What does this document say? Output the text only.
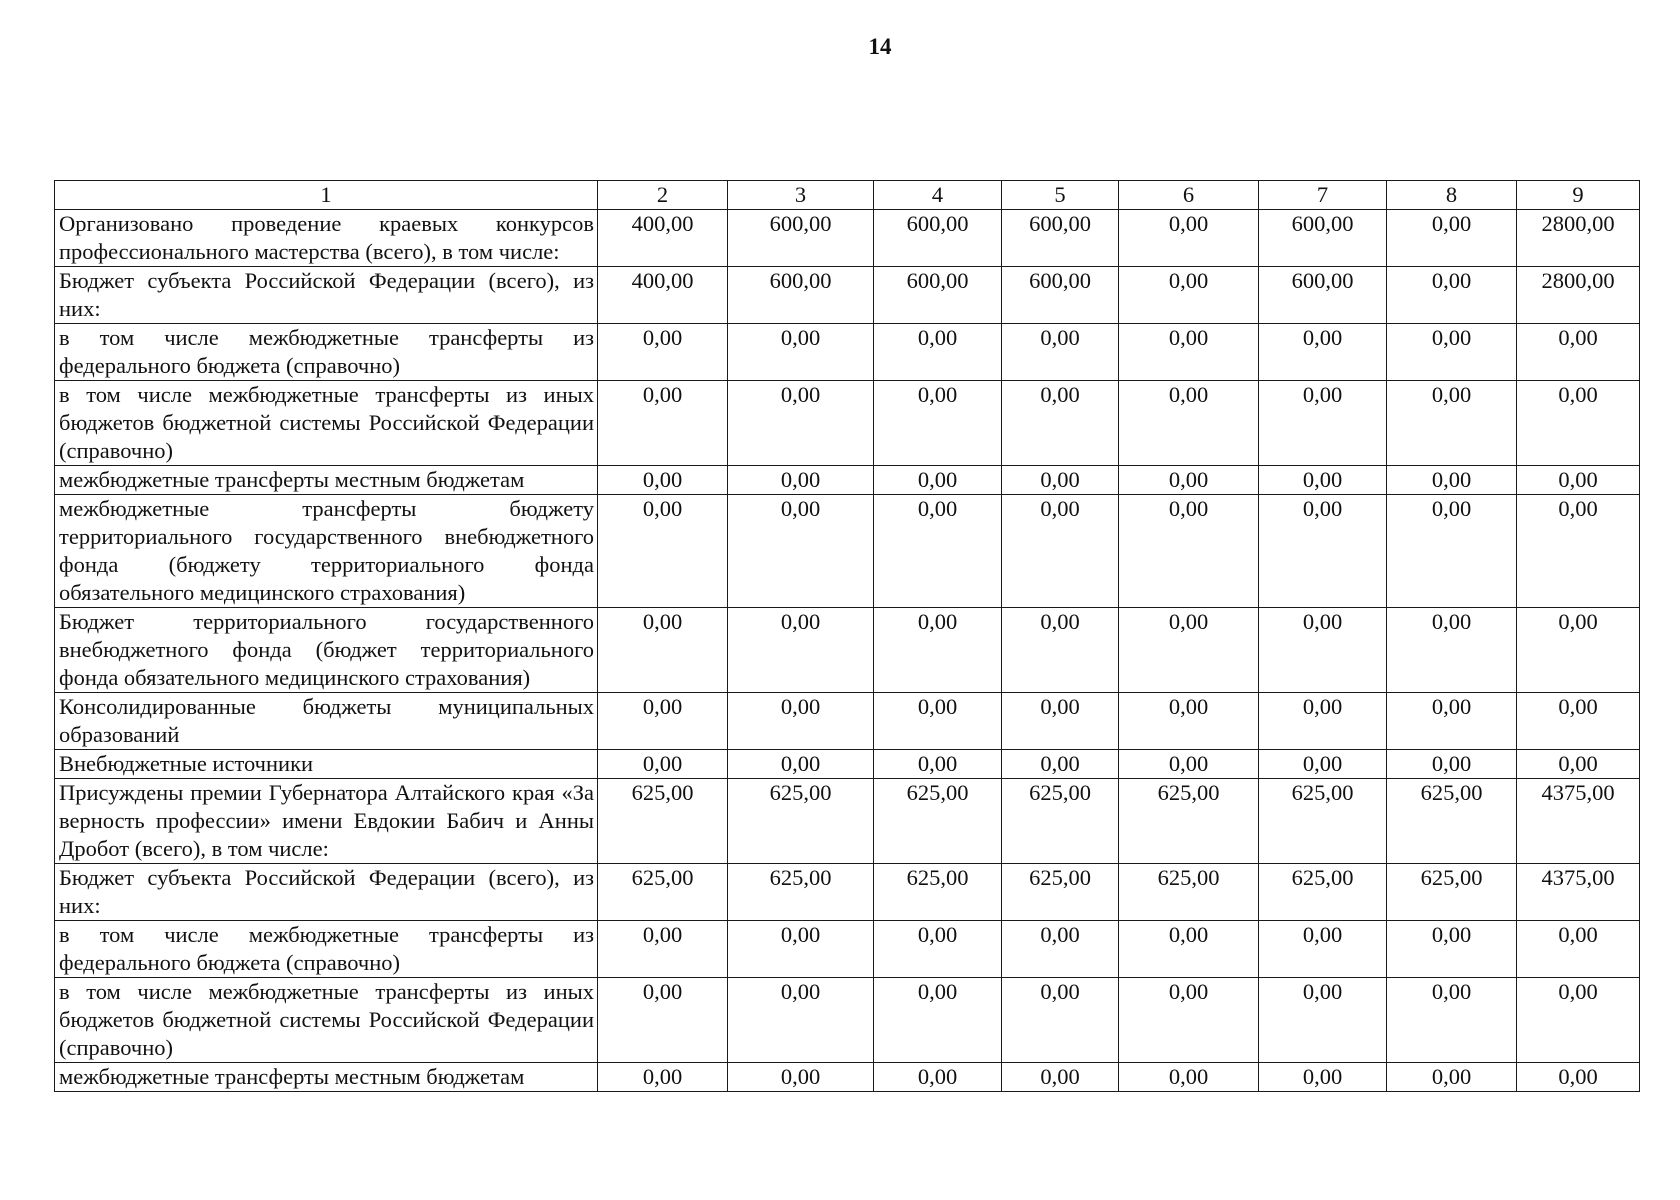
14
1	2	3	4	5	6	7	8	9
Организовано проведение краевых конкурсов профессионального мастерства (всего), в том числе:	400,00	600,00	600,00	600,00	0,00	600,00	0,00	2800,00
Бюджет субъекта Российской Федерации (всего), из них:	400,00	600,00	600,00	600,00	0,00	600,00	0,00	2800,00
в том числе межбюджетные трансферты из федерального бюджета (справочно)	0,00	0,00	0,00	0,00	0,00	0,00	0,00	0,00
в том числе межбюджетные трансферты из иных бюджетов бюджетной системы Российской Федерации (справочно)	0,00	0,00	0,00	0,00	0,00	0,00	0,00	0,00
межбюджетные трансферты местным бюджетам	0,00	0,00	0,00	0,00	0,00	0,00	0,00	0,00
межбюджетные трансферты бюджету территориального государственного внебюджетного фонда (бюджету территориального фонда обязательного медицинского страхования)	0,00	0,00	0,00	0,00	0,00	0,00	0,00	0,00
Бюджет территориального государственного внебюджетного фонда (бюджет территориального фонда обязательного медицинского страхования)	0,00	0,00	0,00	0,00	0,00	0,00	0,00	0,00
Консолидированные бюджеты муниципальных образований	0,00	0,00	0,00	0,00	0,00	0,00	0,00	0,00
Внебюджетные источники	0,00	0,00	0,00	0,00	0,00	0,00	0,00	0,00
Присуждены премии Губернатора Алтайского края «За верность профессии» имени Евдокии Бабич и Анны Дробот (всего), в том числе:	625,00	625,00	625,00	625,00	625,00	625,00	625,00	4375,00
Бюджет субъекта Российской Федерации (всего), из них:	625,00	625,00	625,00	625,00	625,00	625,00	625,00	4375,00
в том числе межбюджетные трансферты из федерального бюджета (справочно)	0,00	0,00	0,00	0,00	0,00	0,00	0,00	0,00
в том числе межбюджетные трансферты из иных бюджетов бюджетной системы Российской Федерации (справочно)	0,00	0,00	0,00	0,00	0,00	0,00	0,00	0,00
межбюджетные трансферты местным бюджетам	0,00	0,00	0,00	0,00	0,00	0,00	0,00	0,00
